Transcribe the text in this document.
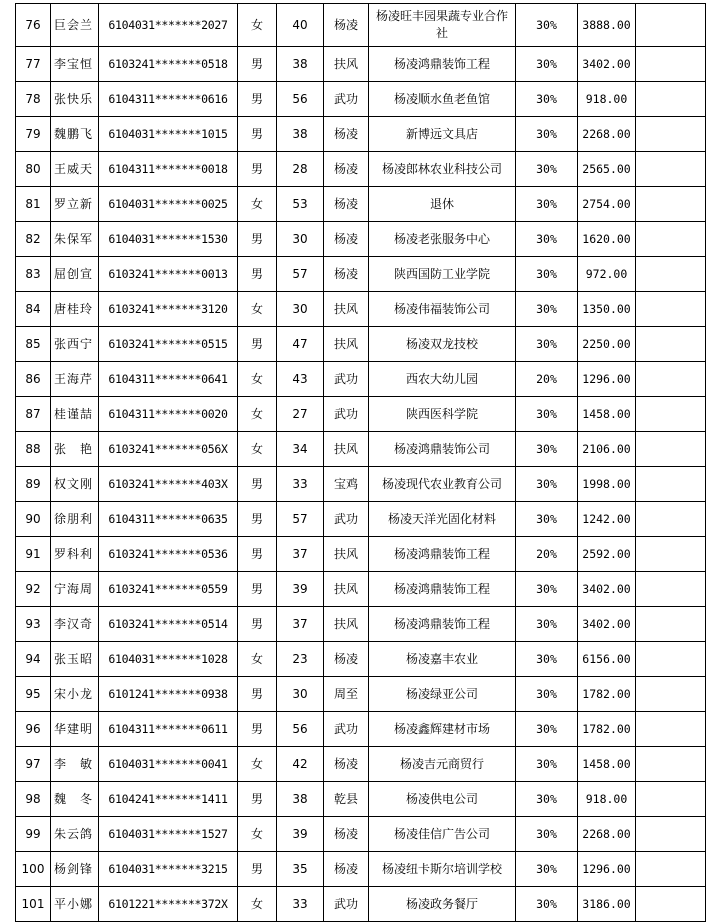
76	巨会兰	6104031*******2027	女	40	杨凌	杨凌旺丰园果蔬专业合作社	30%	3888.00	
77	李宝恒	6103241*******0518	男	38	扶风	杨凌鸿鼎装饰工程	30%	3402.00	
78	张快乐	6104311*******0616	男	56	武功	杨凌顺水鱼老鱼馆	30%	918.00	
79	魏鹏飞	6104031*******1015	男	38	杨凌	新博远文具店	30%	2268.00	
80	王威天	6104311*******0018	男	28	杨凌	杨凌郎林农业科技公司	30%	2565.00	
81	罗立新	6104031*******0025	女	53	杨凌	退休	30%	2754.00	
82	朱保军	6104031*******1530	男	30	杨凌	杨凌老张服务中心	30%	1620.00	
83	屈创宣	6103241*******0013	男	57	杨凌	陕西国防工业学院	30%	972.00	
84	唐桂玲	6103241*******3120	女	30	扶风	杨凌伟福装饰公司	30%	1350.00	
85	张西宁	6103241*******0515	男	47	扶风	杨凌双龙技校	30%	2250.00	
86	王海芹	6104311*******0641	女	43	武功	西农大幼儿园	20%	1296.00	
87	桂谨喆	6104311*******0020	女	27	武功	陕西医科学院	30%	1458.00	
88	张　艳	6103241*******056X	女	34	扶风	杨凌鸿鼎装饰公司	30%	2106.00	
89	权文刚	6103241*******403X	男	33	宝鸡	杨凌现代农业教育公司	30%	1998.00	
90	徐朋利	6104311*******0635	男	57	武功	杨凌天洋光固化材料	30%	1242.00	
91	罗科利	6103241*******0536	男	37	扶风	杨凌鸿鼎装饰工程	20%	2592.00	
92	宁海周	6103241*******0559	男	39	扶风	杨凌鸿鼎装饰工程	30%	3402.00	
93	李汉奇	6103241*******0514	男	37	扶风	杨凌鸿鼎装饰工程	30%	3402.00	
94	张玉昭	6104031*******1028	女	23	杨凌	杨凌嘉丰农业	30%	6156.00	
95	宋小龙	6101241*******0938	男	30	周至	杨凌绿亚公司	30%	1782.00	
96	华建明	6104311*******0611	男	56	武功	杨凌鑫辉建材市场	30%	1782.00	
97	李　敏	6104031*******0041	女	42	杨凌	杨凌吉元商贸行	30%	1458.00	
98	魏　冬	6104241*******1411	男	38	乾县	杨凌供电公司	30%	918.00	
99	朱云鸽	6104031*******1527	女	39	杨凌	杨凌佳信广告公司	30%	2268.00	
100	杨剑锋	6104031*******3215	男	35	杨凌	杨凌纽卡斯尔培训学校	30%	1296.00	
101	平小娜	6101221*******372X	女	33	武功	杨凌政务餐厅	30%	3186.00	
